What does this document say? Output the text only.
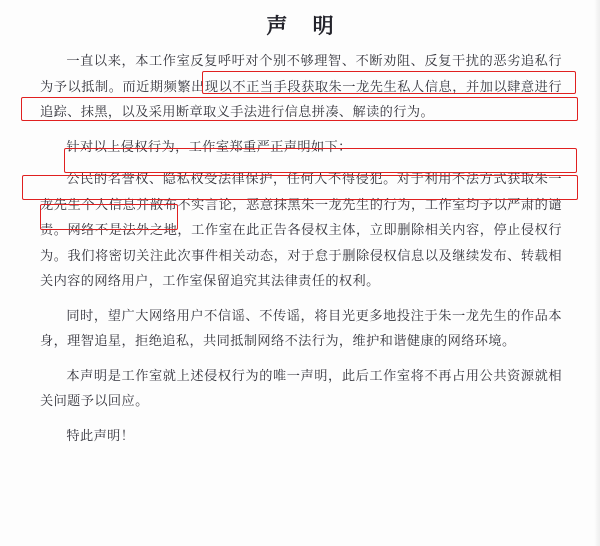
声 明

一直以来，本工作室反复呼吁对个别不够理智、不断劝阻、反复干扰的恶劣追私行为予以抵制。而近期频繁出现以不正当手段获取朱一龙先生私人信息，并加以肆意进行追踪、抹黑，以及采用断章取义手法进行信息拼凑、解读的行为。

针对以上侵权行为，工作室郑重严正声明如下：

公民的名誉权、隐私权受法律保护，任何人不得侵犯。对于利用不法方式获取朱一龙先生个人信息并散布不实言论，恶意抹黑朱一龙先生的行为，工作室均予以严肃的谴责。网络不是法外之地，工作室在此正告各侵权主体，立即删除相关内容，停止侵权行为。我们将密切关注此次事件相关动态，对于怠于删除侵权信息以及继续发布、转载相关内容的网络用户，工作室保留追究其法律责任的权利。

同时，望广大网络用户不信谣、不传谣，将目光更多地投注于朱一龙先生的作品本身，理智追星，拒绝追私，共同抵制网络不法行为，维护和谐健康的网络环境。

本声明是工作室就上述侵权行为的唯一声明，此后工作室将不再占用公共资源就相关问题予以回应。

特此声明！
